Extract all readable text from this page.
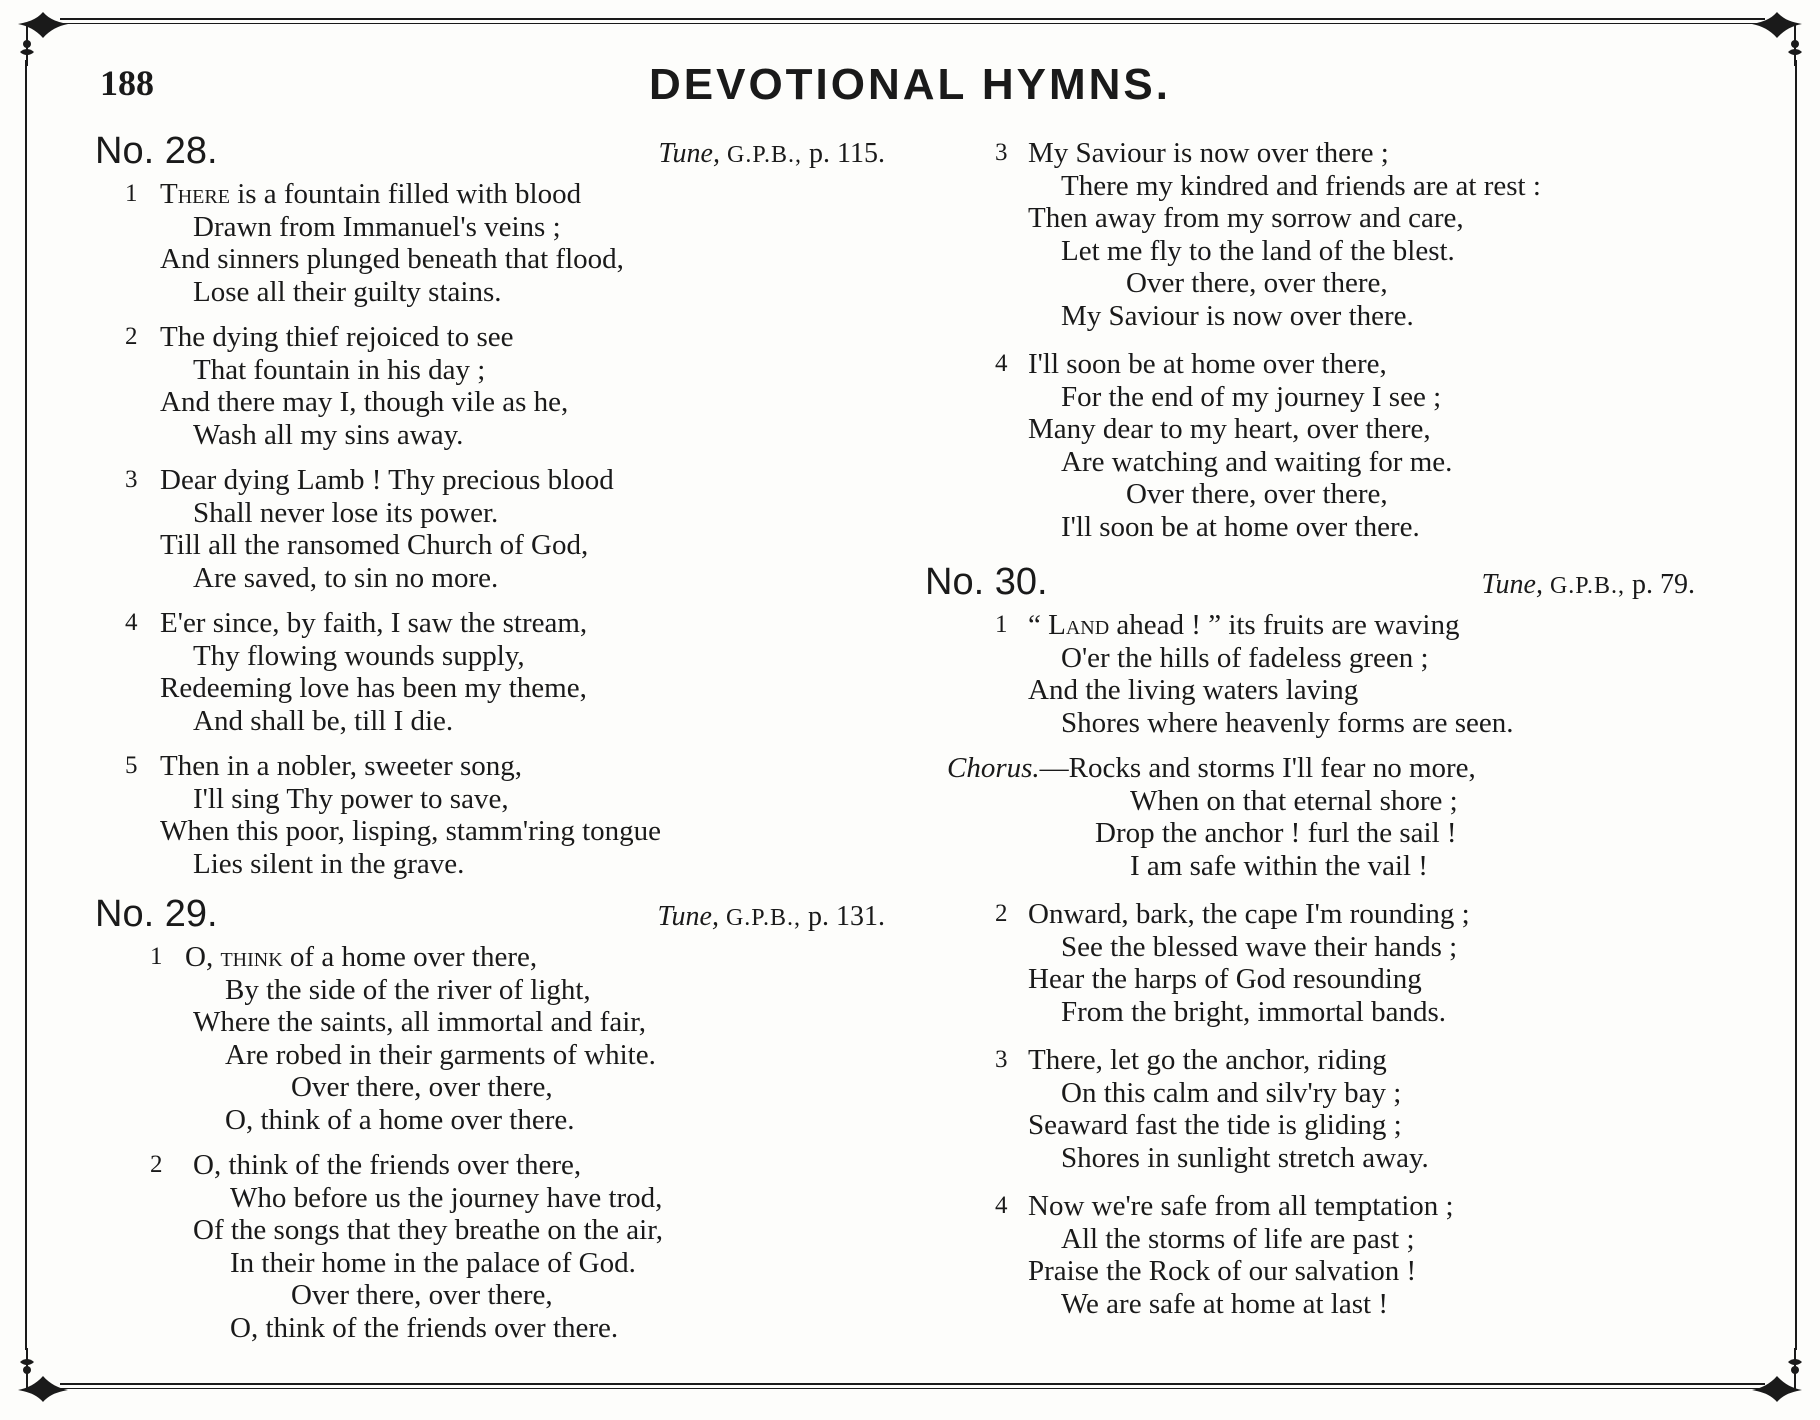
188	DEVOTIONAL HYMNS.
No. 28.	Tune, G.P.B., p. 115.
1 There is a fountain filled with blood
Drawn from Immanuel's veins ;
And sinners plunged beneath that flood,
Lose all their guilty stains.
2 The dying thief rejoiced to see
That fountain in his day ;
And there may I, though vile as he,
Wash all my sins away.
3 Dear dying Lamb ! Thy precious blood
Shall never lose its power.
Till all the ransomed Church of God,
Are saved, to sin no more.
4 E'er since, by faith, I saw the stream,
Thy flowing wounds supply,
Redeeming love has been my theme,
And shall be, till I die.
5 Then in a nobler, sweeter song,
I'll sing Thy power to save,
When this poor, lisping, stamm'ring tongue
Lies silent in the grave.
No. 29.	Tune, G.P.B., p. 131.
1 O, think of a home over there,
By the side of the river of light,
Where the saints, all immortal and fair,
Are robed in their garments of white.
Over there, over there,
O, think of a home over there.
2	O, think of the friends over there,
Who before us the journey have trod,
Of the songs that they breathe on the air,
In their home in the palace of God.
Over there, over there,
O, think of the friends over there.
3 My Saviour is now over there ;
There my kindred and friends are at rest :
Then away from my sorrow and care,
Let me fly to the land of the blest.
Over there, over there,
My Saviour is now over there.
4 I'll soon be at home over there,
For the end of my journey I see ;
Many dear to my heart, over there,
Are watching and waiting for me.
Over there, over there,
I'll soon be at home over there.
No. 30.	Tune, G.P.B., p. 79.
1 “ Land ahead ! ” its fruits are waving
O'er the hills of fadeless green ;
And the living waters laving
Shores where heavenly forms are seen.
Chorus.—Rocks and storms I'll fear no more,
When on that eternal shore ;
Drop the anchor ! furl the sail !
I am safe within the vail !
2 Onward, bark, the cape I'm rounding ;
See the blessed wave their hands ;
Hear the harps of God resounding
From the bright, immortal bands.
3 There, let go the anchor, riding
On this calm and silv'ry bay ;
Seaward fast the tide is gliding ;
Shores in sunlight stretch away.
4 Now we're safe from all temptation ;
All the storms of life are past ;
Praise the Rock of our salvation !
We are safe at home at last !
